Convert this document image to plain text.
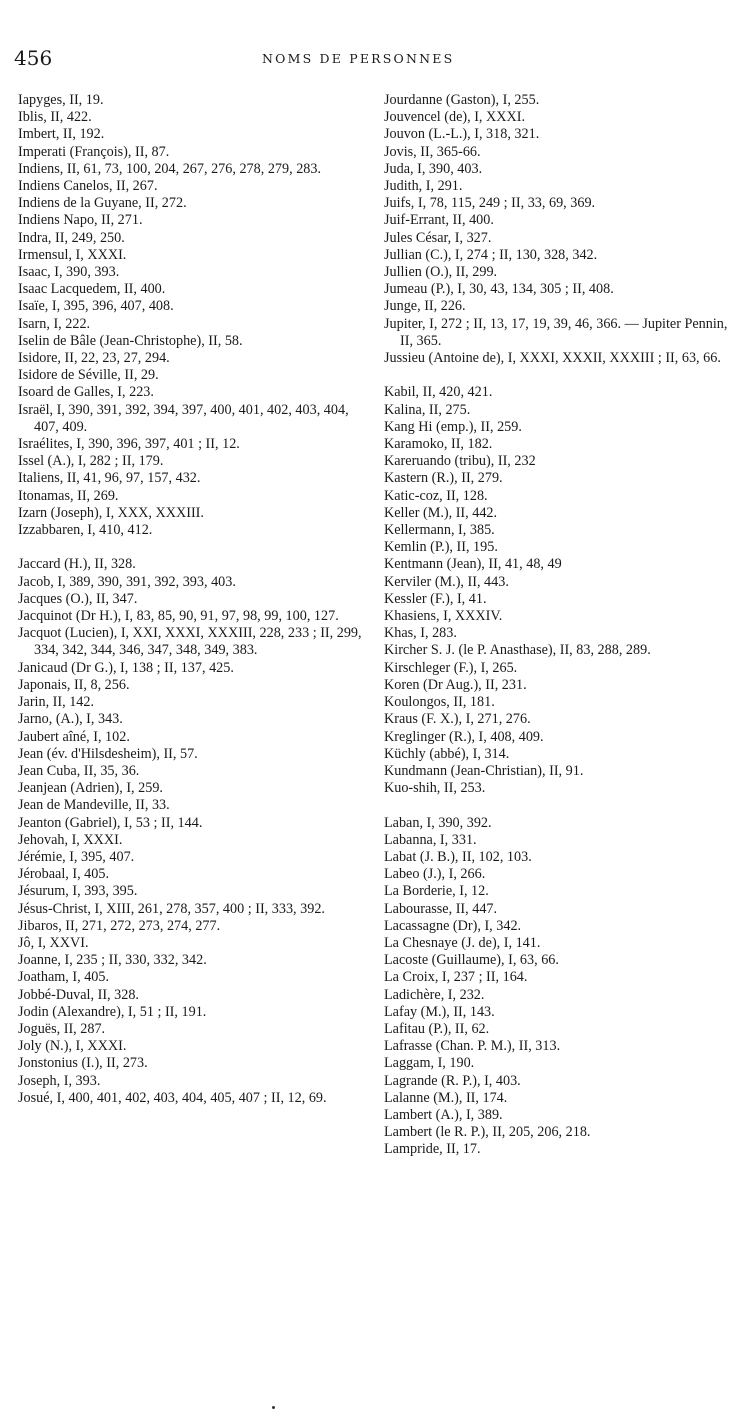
456	NOMS DE PERSONNES

Iapyges, II, 19.

Iblis, II, 422.

Imbert, II, 192.

Imperati (François), II, 87.

Indiens, II, 61, 73, 100, 204, 267, 276, 278, 279, 283.

Indiens Canelos, II, 267.

Indiens de la Guyane, II, 272.

Indiens Napo, II, 271.

Indra, II, 249, 250.

Irmensul, I, XXXI.

Isaac, I, 390, 393.

Isaac Lacquedem, II, 400.

Isaïe, I, 395, 396, 407, 408.

Isarn, I, 222.

Iselin de Bâle (Jean-Christophe), II, 58.

Isidore, II, 22, 23, 27, 294.

Isidore de Séville, II, 29.

Isoard de Galles, I, 223.

Israël, I, 390, 391, 392, 394, 397, 400, 401, 402, 403, 404, 407, 409.

Israélites, I, 390, 396, 397, 401 ; II, 12.

Issel (A.), I, 282 ; II, 179.

Italiens, II, 41, 96, 97, 157, 432.

Itonamas, II, 269.

Izarn (Joseph), I, XXX, XXXIII.

Izzabbaren, I, 410, 412.

Jaccard (H.), II, 328.

Jacob, I, 389, 390, 391, 392, 393, 403.

Jacques (O.), II, 347.

Jacquinot (Dr H.), I, 83, 85, 90, 91, 97, 98, 99, 100, 127.

Jacquot (Lucien), I, XXI, XXXI, XXXIII, 228, 233 ; II, 299, 334, 342, 344, 346, 347, 348, 349, 383.

Janicaud (Dr G.), I, 138 ; II, 137, 425.

Japonais, II, 8, 256.

Jarin, II, 142.

Jarno, (A.), I, 343.

Jaubert aîné, I, 102.

Jean (év. d'Hilsdesheim), II, 57.

Jean Cuba, II, 35, 36.

Jeanjean (Adrien), I, 259.

Jean de Mandeville, II, 33.

Jeanton (Gabriel), I, 53 ; II, 144.

Jehovah, I, XXXI.

Jérémie, I, 395, 407.

Jérobaal, I, 405.

Jésurum, I, 393, 395.

Jésus-Christ, I, XIII, 261, 278, 357, 400 ; II, 333, 392.

Jibaros, II, 271, 272, 273, 274, 277.

Jô, I, XXVI.

Joanne, I, 235 ; II, 330, 332, 342.

Joatham, I, 405.

Jobbé-Duval, II, 328.

Jodin (Alexandre), I, 51 ; II, 191.

Joguës, II, 287.

Joly (N.), I, XXXI.

Jonstonius (I.), II, 273.

Joseph, I, 393.

Josué, I, 400, 401, 402, 403, 404, 405, 407 ; II, 12, 69.

Jourdanne (Gaston), I, 255.

Jouvencel (de), I, XXXI.

Jouvon (L.-L.), I, 318, 321.

Jovis, II, 365-66.

Juda, I, 390, 403.

Judith, I, 291.

Juifs, I, 78, 115, 249 ; II, 33, 69, 369.

Juif-Errant, II, 400.

Jules César, I, 327.

Jullian (C.), I, 274 ; II, 130, 328, 342.

Jullien (O.), II, 299.

Jumeau (P.), I, 30, 43, 134, 305 ; II, 408.

Junge, II, 226.

Jupiter, I, 272 ; II, 13, 17, 19, 39, 46, 366. — Jupiter Pennin, II, 365.

Jussieu (Antoine de), I, XXXI, XXXII, XXXIII ; II, 63, 66.

Kabil, II, 420, 421.

Kalina, II, 275.

Kang Hi (emp.), II, 259.

Karamoko, II, 182.

Kareruando (tribu), II, 232

Kastern (R.), II, 279.

Katic-coz, II, 128.

Keller (M.), II, 442.

Kellermann, I, 385.

Kemlin (P.), II, 195.

Kentmann (Jean), II, 41, 48, 49

Kerviler (M.), II, 443.

Kessler (F.), I, 41.

Khasiens, I, XXXIV.

Khas, I, 283.

Kircher S. J. (le P. Anasthase), II, 83, 288, 289.

Kirschleger (F.), I, 265.

Koren (Dr Aug.), II, 231.

Koulongos, II, 181.

Kraus (F. X.), I, 271, 276.

Kreglinger (R.), I, 408, 409.

Küchly (abbé), I, 314.

Kundmann (Jean-Christian), II, 91.

Kuo-shih, II, 253.

Laban, I, 390, 392.

Labanna, I, 331.

Labat (J. B.), II, 102, 103.

Labeo (J.), I, 266.

La Borderie, I, 12.

Labourasse, II, 447.

Lacassagne (Dr), I, 342.

La Chesnaye (J. de), I, 141.

Lacoste (Guillaume), I, 63, 66.

La Croix, I, 237 ; II, 164.

Ladichère, I, 232.

Lafay (M.), II, 143.

Lafitau (P.), II, 62.

Lafrasse (Chan. P. M.), II, 313.

Laggam, I, 190.

Lagrande (R. P.), I, 403.

Lalanne (M.), II, 174.

Lambert (A.), I, 389.

Lambert (le R. P.), II, 205, 206, 218.

Lampride, II, 17.
